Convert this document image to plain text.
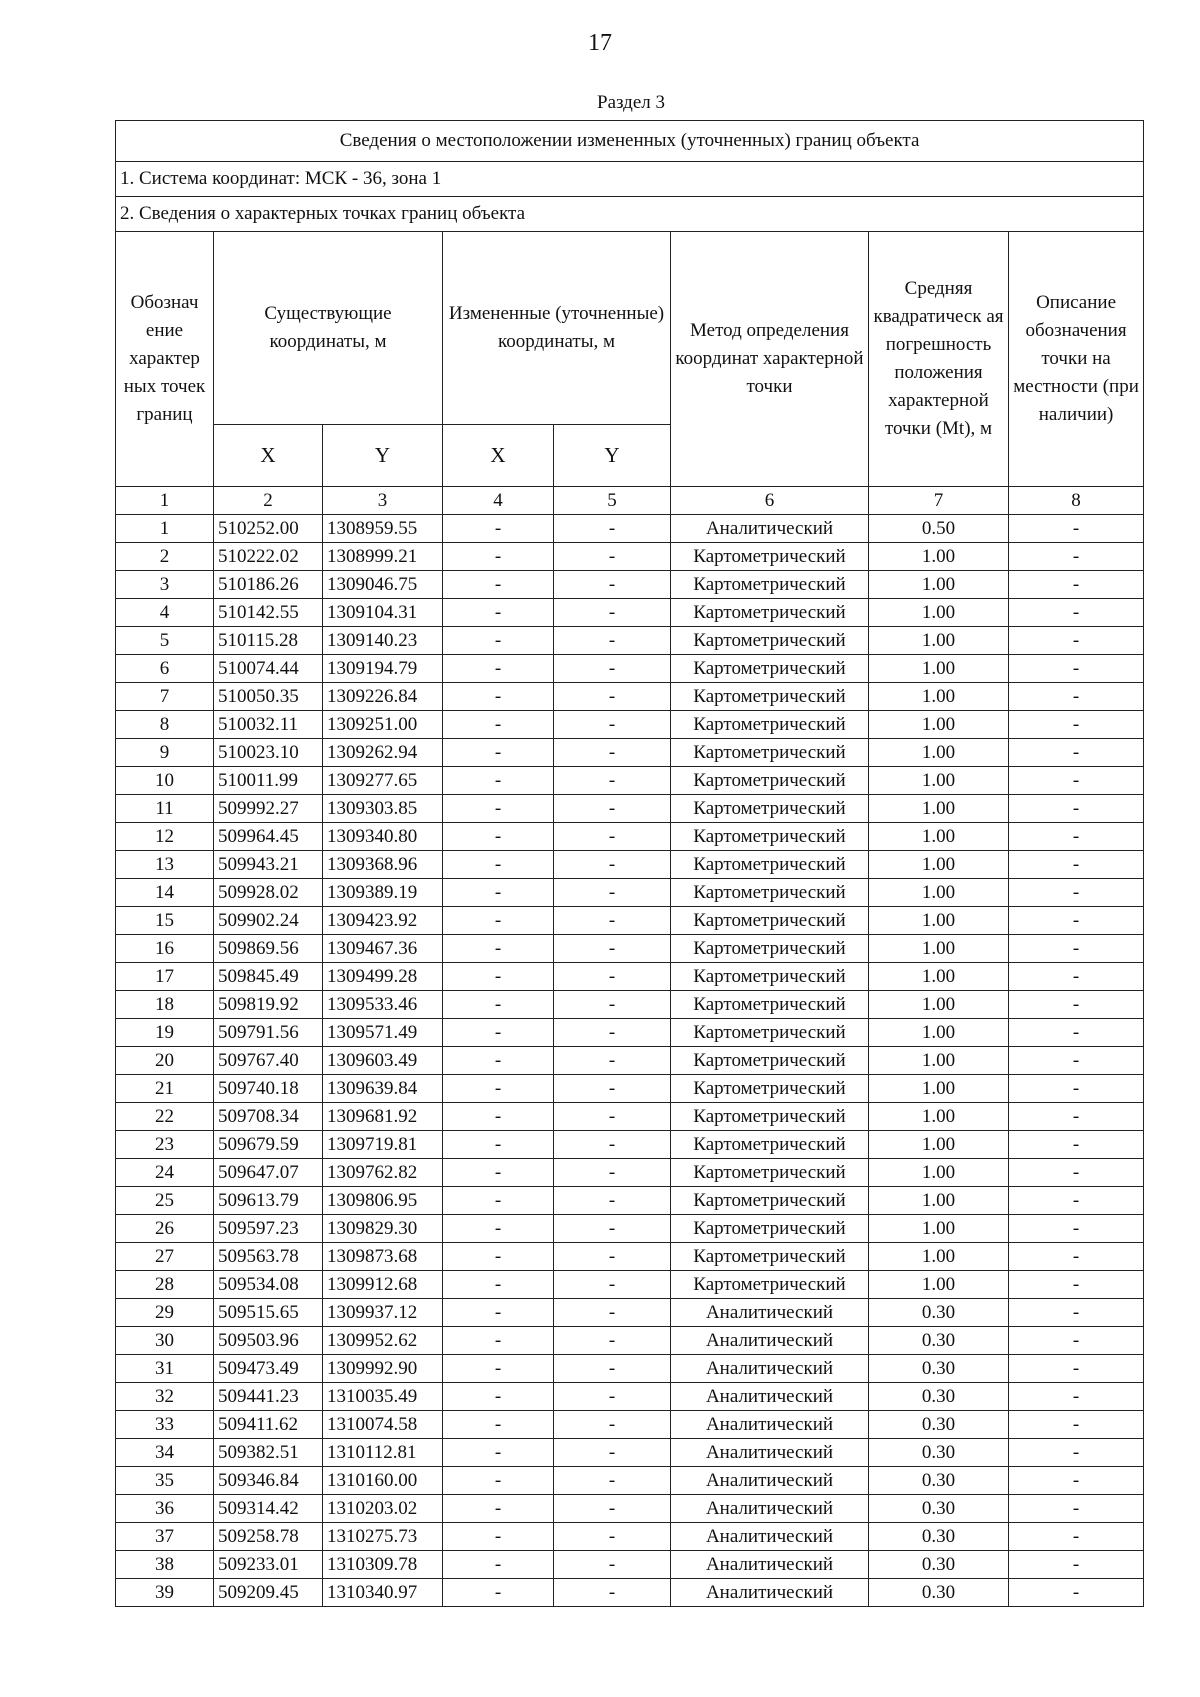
17
Раздел 3
Сведения о местоположении измененных (уточненных) границ объекта							
1. Система координат: МСК - 36, зона 1							
2. Сведения о характерных точках границ объекта							
Обознач ение характер ных точек границ	Существующие координаты, м		Измененные (уточненные) координаты, м		Метод определения координат характерной точки	Средняя квадратическ ая погрешность положения характерной точки (Mt), м	Описание обозначения точки на местности (при наличии)
	X	Y	X	Y			
1	2	3	4	5	6	7	8
1	510252.00	1308959.55	-	-	Аналитический	0.50	-
2	510222.02	1308999.21	-	-	Картометрический	1.00	-
3	510186.26	1309046.75	-	-	Картометрический	1.00	-
4	510142.55	1309104.31	-	-	Картометрический	1.00	-
5	510115.28	1309140.23	-	-	Картометрический	1.00	-
6	510074.44	1309194.79	-	-	Картометрический	1.00	-
7	510050.35	1309226.84	-	-	Картометрический	1.00	-
8	510032.11	1309251.00	-	-	Картометрический	1.00	-
9	510023.10	1309262.94	-	-	Картометрический	1.00	-
10	510011.99	1309277.65	-	-	Картометрический	1.00	-
11	509992.27	1309303.85	-	-	Картометрический	1.00	-
12	509964.45	1309340.80	-	-	Картометрический	1.00	-
13	509943.21	1309368.96	-	-	Картометрический	1.00	-
14	509928.02	1309389.19	-	-	Картометрический	1.00	-
15	509902.24	1309423.92	-	-	Картометрический	1.00	-
16	509869.56	1309467.36	-	-	Картометрический	1.00	-
17	509845.49	1309499.28	-	-	Картометрический	1.00	-
18	509819.92	1309533.46	-	-	Картометрический	1.00	-
19	509791.56	1309571.49	-	-	Картометрический	1.00	-
20	509767.40	1309603.49	-	-	Картометрический	1.00	-
21	509740.18	1309639.84	-	-	Картометрический	1.00	-
22	509708.34	1309681.92	-	-	Картометрический	1.00	-
23	509679.59	1309719.81	-	-	Картометрический	1.00	-
24	509647.07	1309762.82	-	-	Картометрический	1.00	-
25	509613.79	1309806.95	-	-	Картометрический	1.00	-
26	509597.23	1309829.30	-	-	Картометрический	1.00	-
27	509563.78	1309873.68	-	-	Картометрический	1.00	-
28	509534.08	1309912.68	-	-	Картометрический	1.00	-
29	509515.65	1309937.12	-	-	Аналитический	0.30	-
30	509503.96	1309952.62	-	-	Аналитический	0.30	-
31	509473.49	1309992.90	-	-	Аналитический	0.30	-
32	509441.23	1310035.49	-	-	Аналитический	0.30	-
33	509411.62	1310074.58	-	-	Аналитический	0.30	-
34	509382.51	1310112.81	-	-	Аналитический	0.30	-
35	509346.84	1310160.00	-	-	Аналитический	0.30	-
36	509314.42	1310203.02	-	-	Аналитический	0.30	-
37	509258.78	1310275.73	-	-	Аналитический	0.30	-
38	509233.01	1310309.78	-	-	Аналитический	0.30	-
39	509209.45	1310340.97	-	-	Аналитический	0.30	-
